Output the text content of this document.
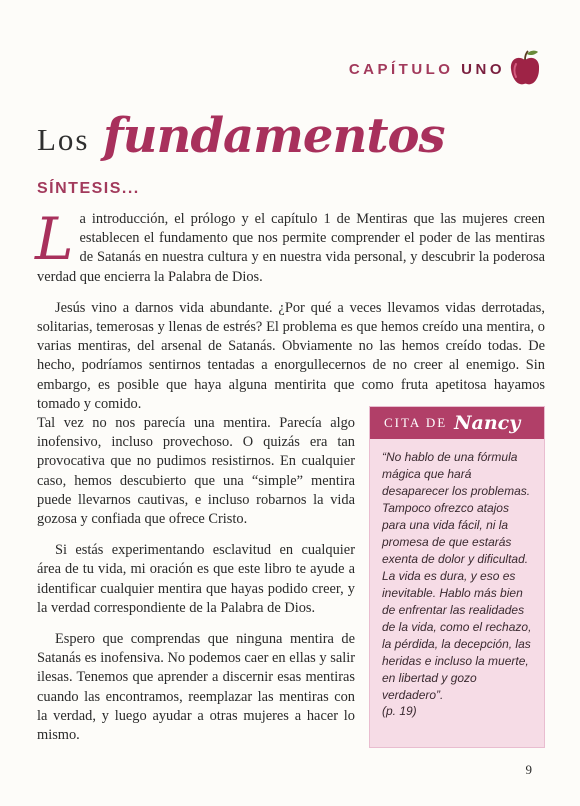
CAPÍTULO UNO
Los fundamentos
SÍNTESIS...

L a introducción, el prólogo y el capítulo 1 de Mentiras que las mujeres creen establecen el fundamento que nos permite comprender el poder de las mentiras de Satanás en nuestra cultura y en nuestra vida personal, y descubrir la poderosa verdad que encierra la Palabra de Dios.

Jesús vino a darnos vida abundante. ¿Por qué a veces llevamos vidas derrotadas, solitarias, temerosas y llenas de estrés? El problema es que hemos creído una mentira, o varias mentiras, del arsenal de Satanás. Obviamente no las hemos creído todas. De hecho, podríamos sentirnos tentadas a enorgullecernos de no creer al enemigo. Sin embargo, es posible que haya alguna mentirita que como fruta apetitosa hayamos tomado y comido.

Tal vez no nos parecía una mentira. Parecía algo inofensivo, incluso provechoso. O quizás era tan provocativa que no pudimos resistirnos. En cualquier caso, hemos descubierto que una “simple” mentira puede llevarnos cautivas, e incluso robarnos la vida gozosa y confiada que ofrece Cristo.

Si estás experimentando esclavitud en cualquier área de tu vida, mi oración es que este libro te ayude a identificar cualquier mentira que hayas podido creer, y la verdad correspondiente de la Palabra de Dios.

Espero que comprendas que ninguna mentira de Satanás es inofensiva. No podemos caer en ellas y salir ilesas. Tenemos que aprender a discernir esas mentiras cuando las encontramos, reemplazar las mentiras con la verdad, y luego ayudar a otras mujeres a hacer lo mismo.

CITA DE Nancy
“No hablo de una fórmula mágica que hará desaparecer los problemas. Tampoco ofrezco atajos para una vida fácil, ni la promesa de que estarás exenta de dolor y dificultad. La vida es dura, y eso es inevitable. Hablo más bien de enfrentar las realidades de la vida, como el rechazo, la pérdida, la decepción, las heridas e incluso la muerte, en libertad y gozo verdadero”.
(p. 19)
9
